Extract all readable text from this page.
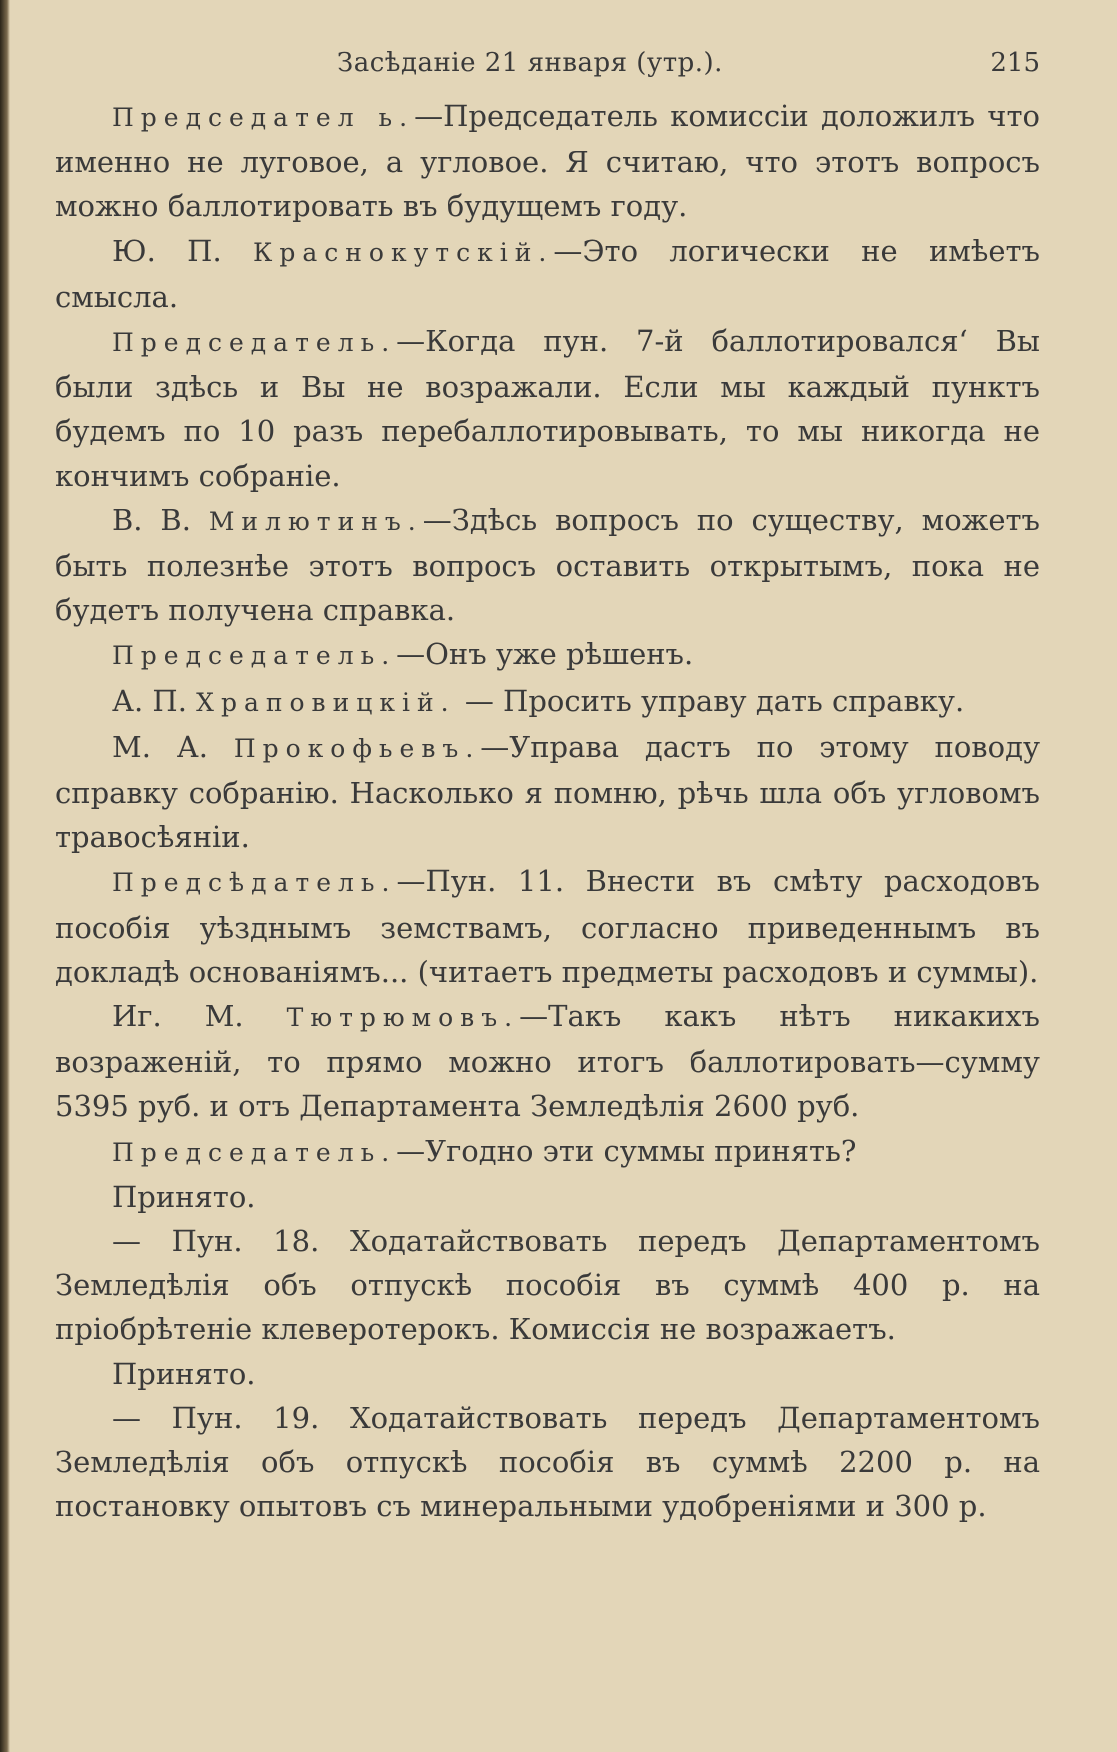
Засѣданіе 21 января (утр.).	215

Председател ь.—Председатель комиссіи доложилъ что именно не луговое, а угловое. Я считаю, что этотъ вопросъ можно баллотировать въ будущемъ году.

Ю. П. Краснокутскій.—Это логически не имѣетъ смысла.

Председатель.—Когда пун. 7-й баллотировался‘ Вы были здѣсь и Вы не возражали. Если мы каждый пунктъ будемъ по 10 разъ перебаллотировывать, то мы никогда не кончимъ собраніе.

В. В. Милютинъ.—Здѣсь вопросъ по существу, можетъ быть полезнѣе этотъ вопросъ оставить открытымъ, пока не будетъ получена справка.

Председатель.—Онъ уже рѣшенъ.

А. П. Храповицкій. — Просить управу дать справку.

М. А. Прокофьевъ.—Управа дастъ по этому поводу справку собранію. Насколько я помню, рѣчь шла объ угловомъ травосѣяніи.

Предсѣдатель.—Пун. 11. Внести въ смѣту расходовъ пособія уѣзднымъ земствамъ, согласно приведеннымъ въ докладѣ основаніямъ... (читаетъ предметы расходовъ и суммы).

Иг. М. Тютрюмовъ.—Такъ какъ нѣтъ никакихъ возраженій, то прямо можно итогъ баллотировать—сумму 5395 руб. и отъ Департамента Земледѣлія 2600 руб.

Председатель.—Угодно эти суммы принять?

Принято.

— Пун. 18. Ходатайствовать передъ Департаментомъ Земледѣлія объ отпускѣ пособія въ суммѣ 400 р. на пріобрѣтеніе клеверотерокъ. Комиссія не возражаетъ.

Принято.

— Пун. 19. Ходатайствовать передъ Департаментомъ Земледѣлія объ отпускѣ пособія въ суммѣ 2200 р. на постановку опытовъ съ минеральными удобреніями и 300 р.
